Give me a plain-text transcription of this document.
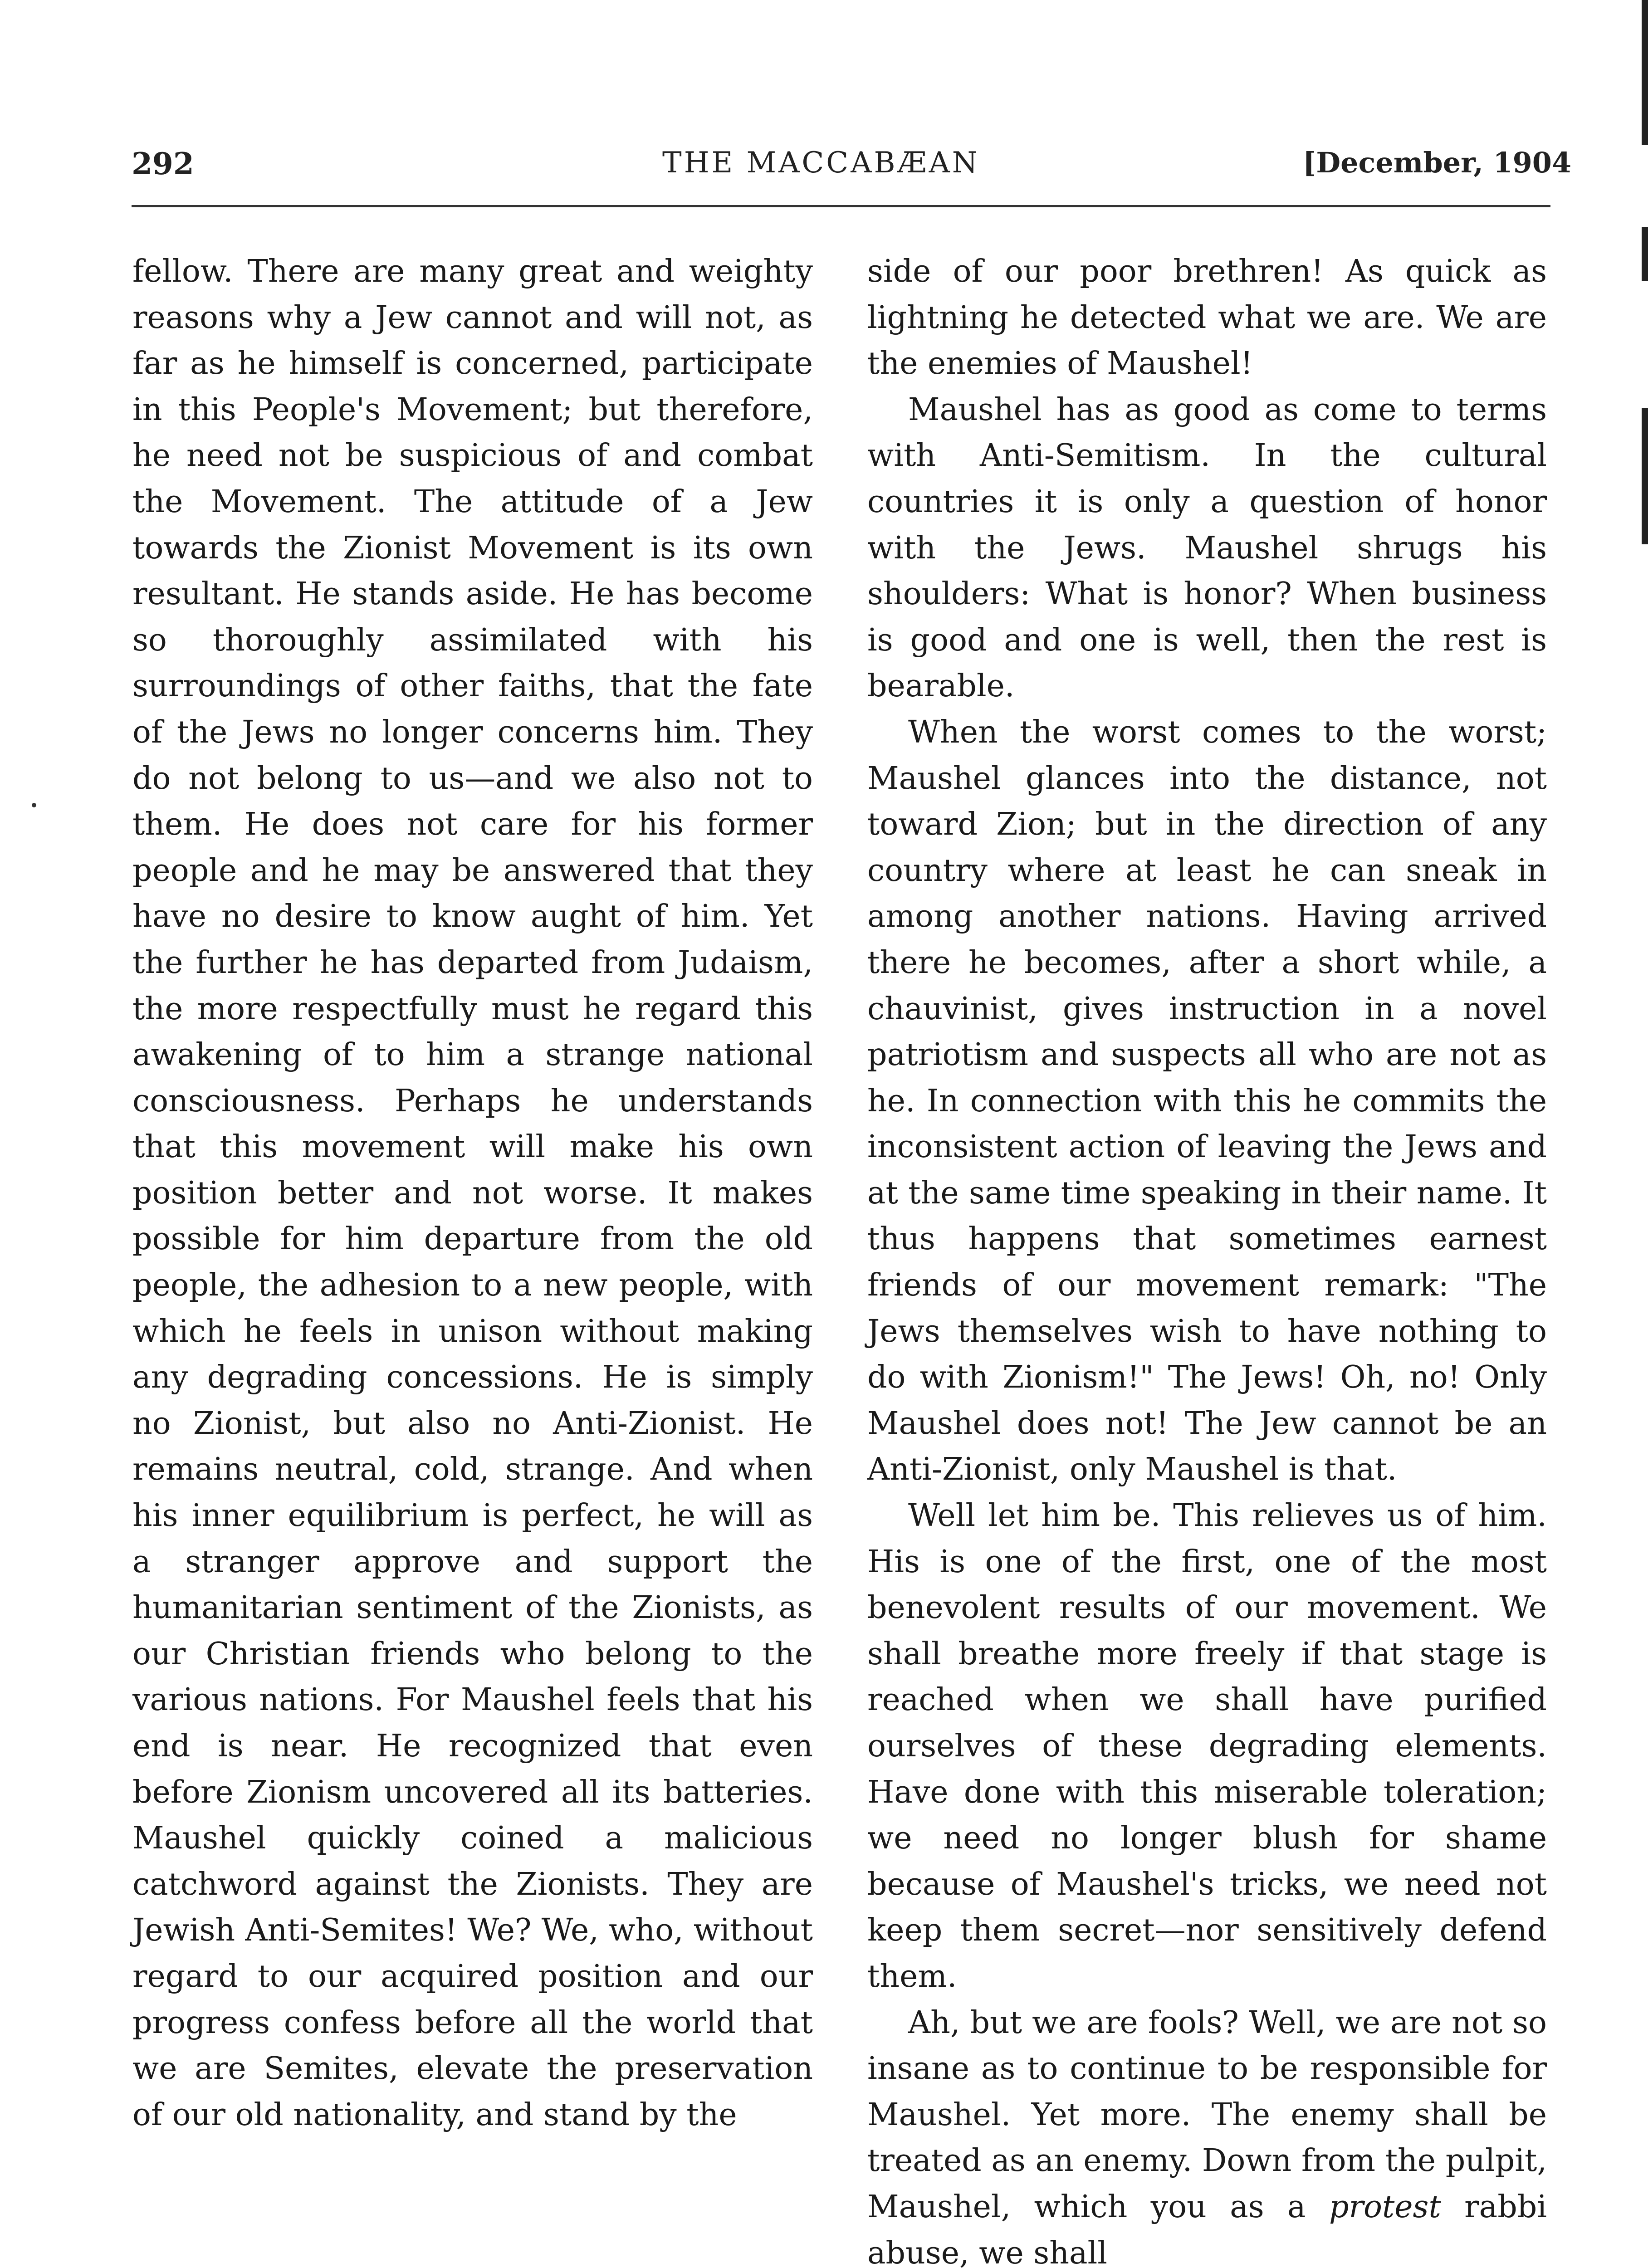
292	THE MACCABÆAN	[December, 1904

fellow. There are many great and weighty reasons why a Jew cannot and will not, as far as he himself is concerned, participate in this People's Movement; but therefore, he need not be suspicious of and combat the Movement. The attitude of a Jew towards the Zionist Movement is its own resultant. He stands aside. He has become so thoroughly assimilated with his surroundings of other faiths, that the fate of the Jews no longer concerns him. They do not belong to us—and we also not to them. He does not care for his former people and he may be answered that they have no desire to know aught of him. Yet the further he has departed from Judaism, the more respectfully must he regard this awakening of to him a strange national consciousness. Perhaps he understands that this movement will make his own position better and not worse. It makes possible for him departure from the old people, the adhesion to a new people, with which he feels in unison without making any degrading concessions. He is simply no Zionist, but also no Anti-Zionist. He remains neutral, cold, strange. And when his inner equilibrium is perfect, he will as a stranger approve and support the humanitarian sentiment of the Zionists, as our Christian friends who belong to the various nations. For Maushel feels that his end is near. He recognized that even before Zionism uncovered all its batteries. Maushel quickly coined a malicious catchword against the Zionists. They are Jewish Anti-Semites! We? We, who, without regard to our acquired position and our progress confess before all the world that we are Semites, elevate the preservation of our old nationality, and stand by the

side of our poor brethren! As quick as lightning he detected what we are. We are the enemies of Maushel!

Maushel has as good as come to terms with Anti-Semitism. In the cultural countries it is only a question of honor with the Jews. Maushel shrugs his shoulders: What is honor? When business is good and one is well, then the rest is bearable.

When the worst comes to the worst; Maushel glances into the distance, not toward Zion; but in the direction of any country where at least he can sneak in among another nations. Having arrived there he becomes, after a short while, a chauvinist, gives instruction in a novel patriotism and suspects all who are not as he. In connection with this he commits the inconsistent action of leaving the Jews and at the same time speaking in their name. It thus happens that sometimes earnest friends of our movement remark: "The Jews themselves wish to have nothing to do with Zionism!" The Jews! Oh, no! Only Maushel does not! The Jew cannot be an Anti-Zionist, only Maushel is that.

Well let him be. This relieves us of him. His is one of the first, one of the most benevolent results of our movement. We shall breathe more freely if that stage is reached when we shall have purified ourselves of these degrading elements. Have done with this miserable toleration; we need no longer blush for shame because of Maushel's tricks, we need not keep them secret—nor sensitively defend them.

Ah, but we are fools? Well, we are not so insane as to continue to be responsible for Maushel. Yet more. The enemy shall be treated as an enemy. Down from the pulpit, Maushel, which you as a protest rabbi abuse, we shall
